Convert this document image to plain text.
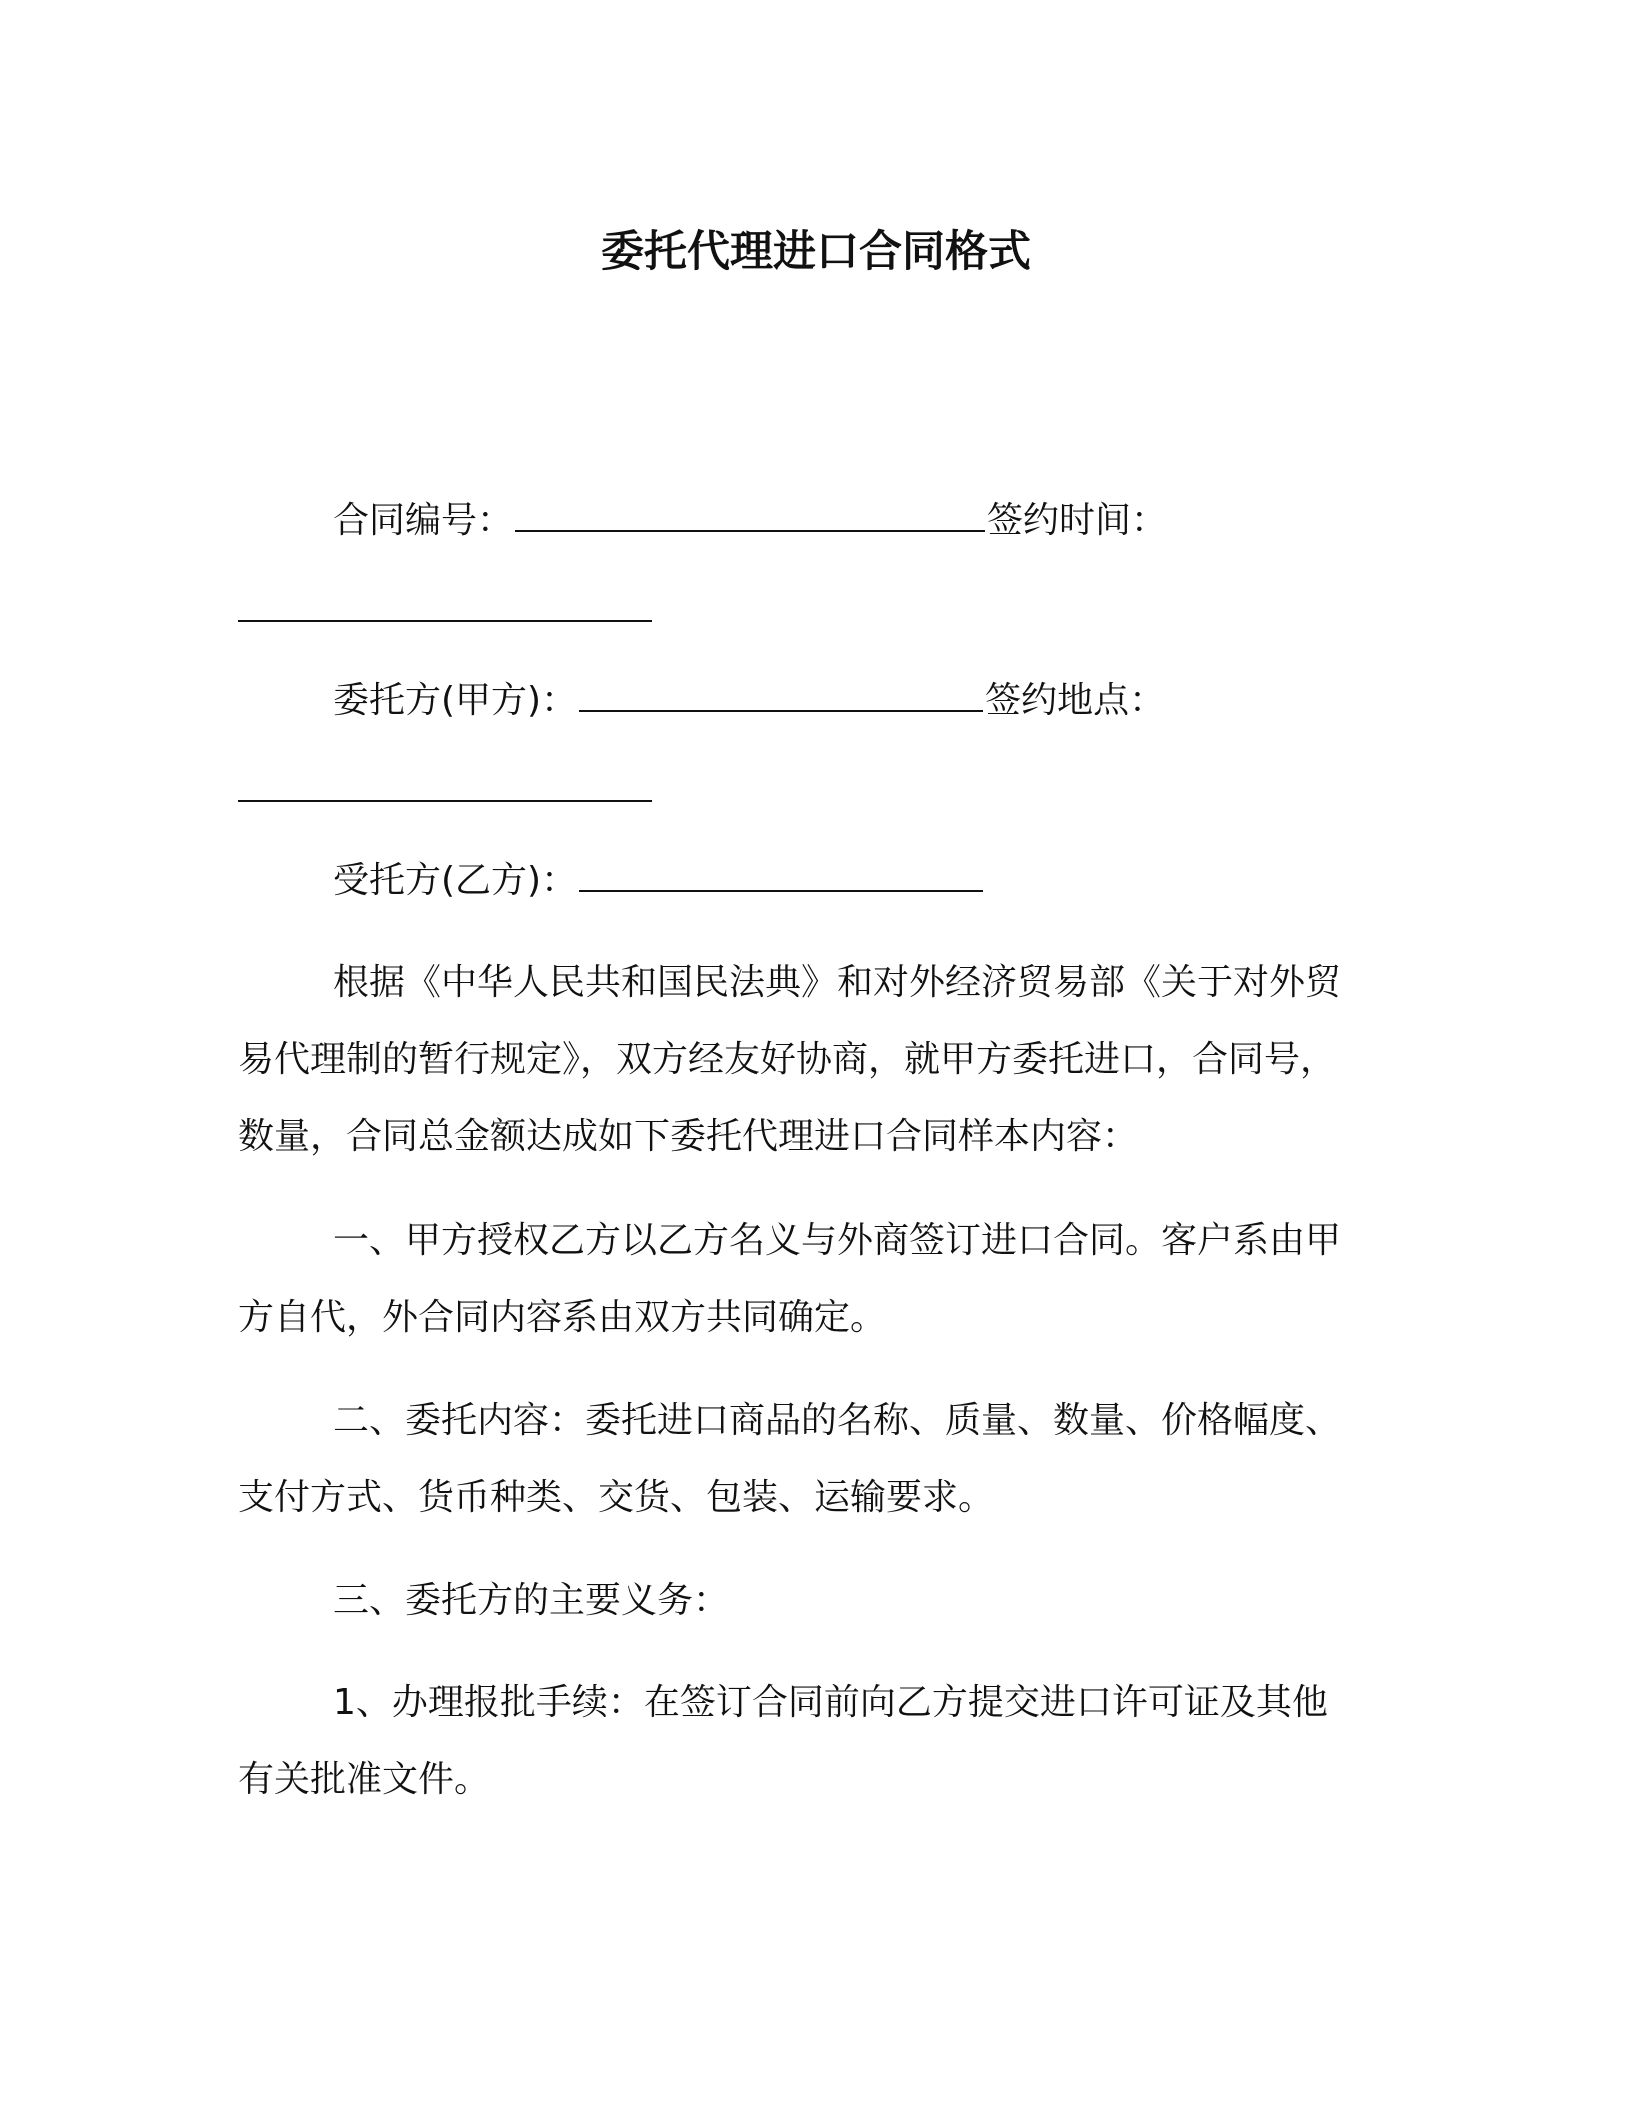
委托代理进口合同格式
合同编号：	签约时间：
委托方(甲方)：	签约地点：
受托方(乙方)：
根据《中华人民共和国民法典》和对外经济贸易部《关于对外贸
易代理制的暂行规定》，双方经友好协商，就甲方委托进口，合同号，
数量，合同总金额达成如下委托代理进口合同样本内容：
一、甲方授权乙方以乙方名义与外商签订进口合同。客户系由甲
方自代，外合同内容系由双方共同确定。
二、委托内容：委托进口商品的名称、质量、数量、价格幅度、
支付方式、货币种类、交货、包装、运输要求。
三、委托方的主要义务：
1、办理报批手续：在签订合同前向乙方提交进口许可证及其他
有关批准文件。
